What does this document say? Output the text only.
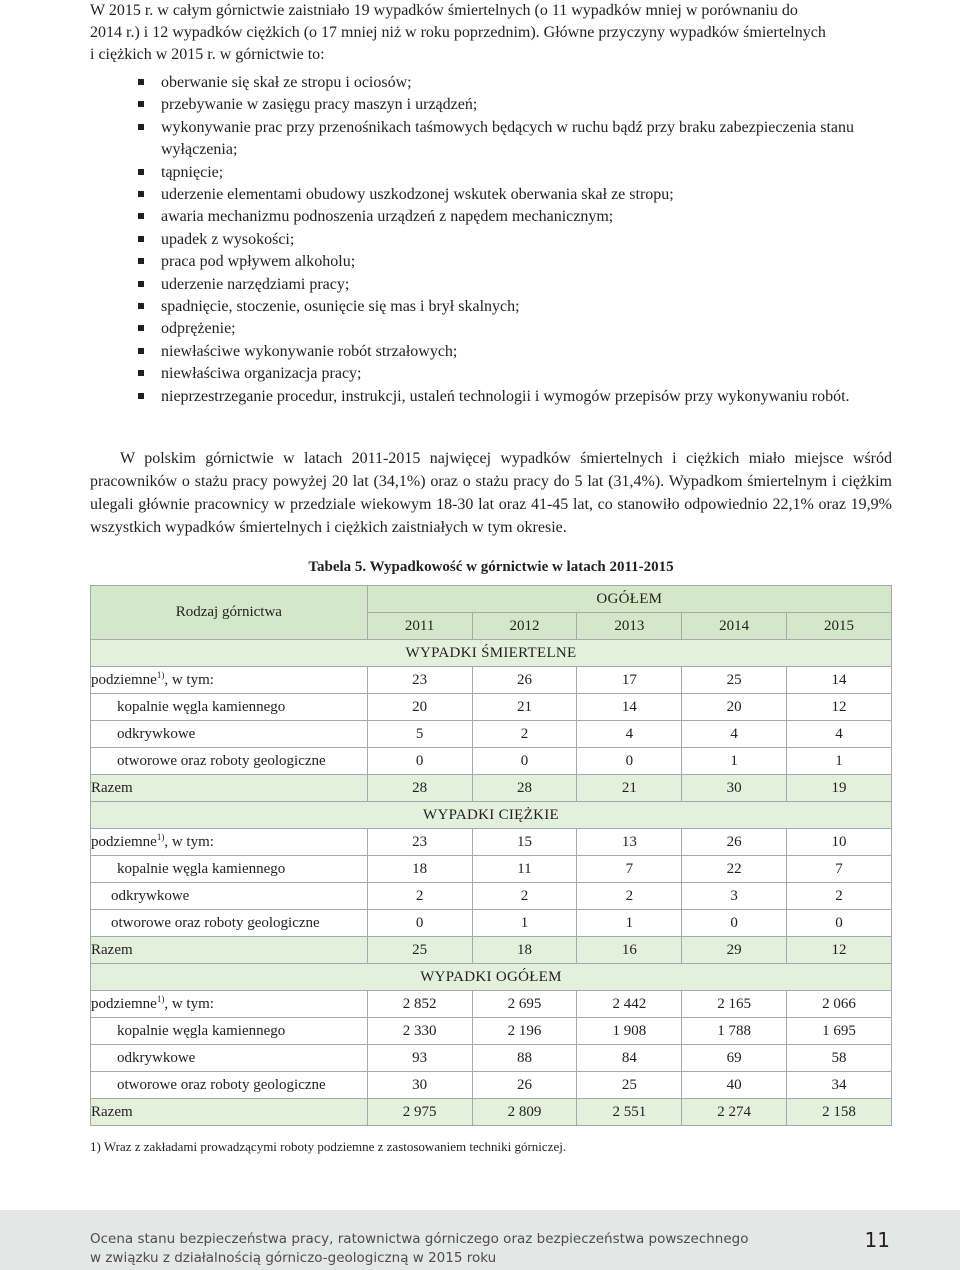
W 2015 r. w całym górnictwie zaistniało 19 wypadków śmiertelnych (o 11 wypadków mniej w porównaniu do

2014 r.) i 12 wypadków ciężkich (o 17 mniej niż w roku poprzednim). Główne przyczyny wypadków śmiertelnych

i ciężkich w 2015 r. w górnictwie to:

oberwanie się skał ze stropu i ociosów;
przebywanie w zasięgu pracy maszyn i urządzeń;
wykonywanie prac przy przenośnikach taśmowych będących w ruchu bądź przy braku zabezpieczenia stanu wyłączenia;
tąpnięcie;
uderzenie elementami obudowy uszkodzonej wskutek oberwania skał ze stropu;
awaria mechanizmu podnoszenia urządzeń z napędem mechanicznym;
upadek z wysokości;
praca pod wpływem alkoholu;
uderzenie narzędziami pracy;
spadnięcie, stoczenie, osunięcie się mas i brył skalnych;
odprężenie;
niewłaściwe wykonywanie robót strzałowych;
niewłaściwa organizacja pracy;
nieprzestrzeganie procedur, instrukcji, ustaleń technologii i wymogów przepisów przy wykonywaniu robót.

W polskim górnictwie w latach 2011-2015 najwięcej wypadków śmiertelnych i ciężkich miało miejsce wśród pracowników o stażu pracy powyżej 20 lat (34,1%) oraz o stażu pracy do 5 lat (31,4%). Wypadkom śmiertelnym i ciężkim ulegali głównie pracownicy w przedziale wiekowym 18-30 lat oraz 41-45 lat, co stanowiło odpowiednio 22,1% oraz 19,9% wszystkich wypadków śmiertelnych i ciężkich zaistniałych w tym okresie.

Tabela 5. Wypadkowość w górnictwie w latach 2011-2015
Rodzaj górnictwa	OGÓŁEM				
	2011	2012	2013	2014	2015
WYPADKI ŚMIERTELNE					
podziemne$^{1)}$, w tym:	23	26	17	25	14
kopalnie węgla kamiennego	20	21	14	20	12
odkrywkowe	5	2	4	4	4
otworowe oraz roboty geologiczne	0	0	0	1	1
Razem	28	28	21	30	19
WYPADKI CIĘŻKIE					
podziemne$^{1)}$, w tym:	23	15	13	26	10
kopalnie węgla kamiennego	18	11	7	22	7
odkrywkowe	2	2	2	3	2
otworowe oraz roboty geologiczne	0	1	1	0	0
Razem	25	18	16	29	12
WYPADKI OGÓŁEM					
podziemne$^{1)}$, w tym:	2 852	2 695	2 442	2 165	2 066
kopalnie węgla kamiennego	2 330	2 196	1 908	1 788	1 695
odkrywkowe	93	88	84	69	58
otworowe oraz roboty geologiczne	30	26	25	40	34
Razem	2 975	2 809	2 551	2 274	2 158
1) Wraz z zakładami prowadzącymi roboty podziemne z zastosowaniem techniki górniczej.
Ocena stanu bezpieczeństwa pracy, ratownictwa górniczego oraz bezpieczeństwa powszechnego
w związku z działalnością górniczo-geologiczną w 2015 roku
11
